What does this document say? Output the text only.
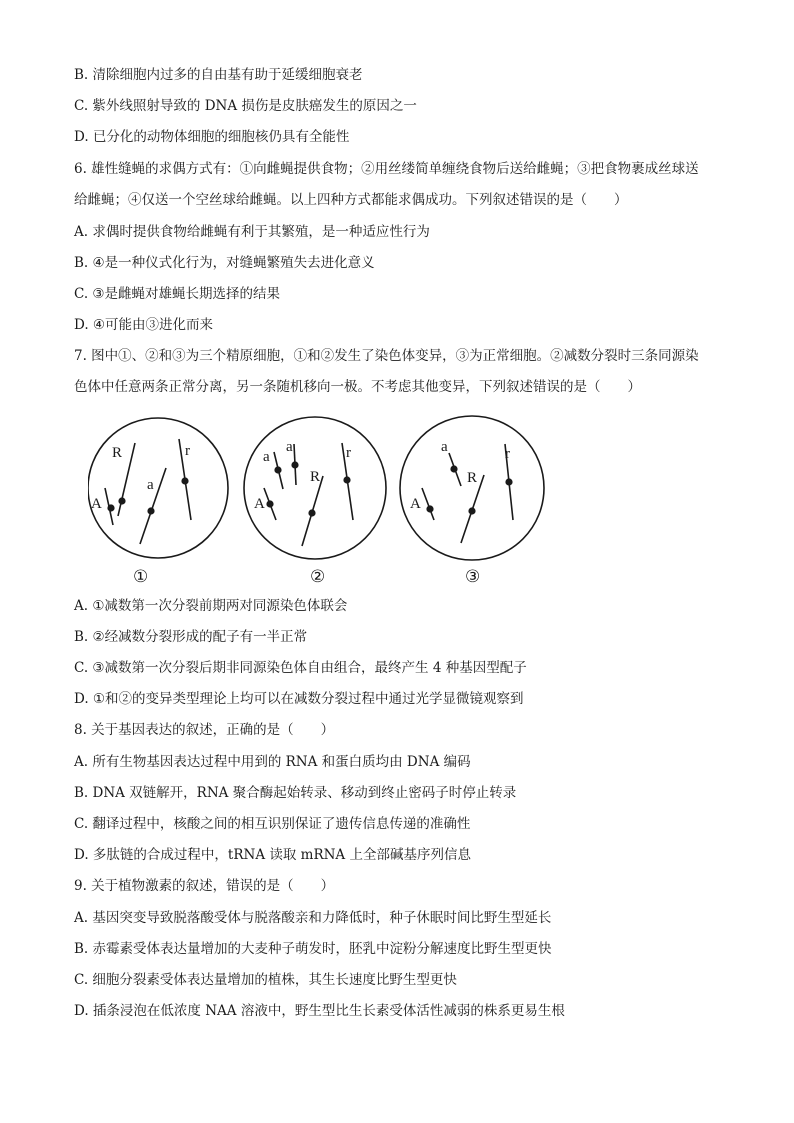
B. 清除细胞内过多的自由基有助于延缓细胞衰老
C. 紫外线照射导致的 DNA 损伤是皮肤癌发生的原因之一
D. 已分化的动物体细胞的细胞核仍具有全能性
6. 雄性缝蝇的求偶方式有：①向雌蝇提供食物；②用丝缕简单缠绕食物后送给雌蝇；③把食物裹成丝球送
给雌蝇；④仅送一个空丝球给雌蝇。以上四种方式都能求偶成功。下列叙述错误的是（　　）
A. 求偶时提供食物给雌蝇有利于其繁殖，是一种适应性行为
B. ④是一种仪式化行为，对缝蝇繁殖失去进化意义
C. ③是雌蝇对雄蝇长期选择的结果
D. ④可能由③进化而来
7. 图中①、②和③为三个精原细胞，①和②发生了染色体变异，③为正常细胞。②减数分裂时三条同源染
色体中任意两条正常分离，另一条随机移向一极。不考虑其他变异，下列叙述错误的是（　　）
R
A
a
r
①
a
a
A
R
r
②
a
A
R
r
③
A. ①减数第一次分裂前期两对同源染色体联会
B. ②经减数分裂形成的配子有一半正常
C. ③减数第一次分裂后期非同源染色体自由组合，最终产生 4 种基因型配子
D. ①和②的变异类型理论上均可以在减数分裂过程中通过光学显微镜观察到
8. 关于基因表达的叙述，正确的是（　　）
A. 所有生物基因表达过程中用到的 RNA 和蛋白质均由 DNA 编码
B. DNA 双链解开，RNA 聚合酶起始转录、移动到终止密码子时停止转录
C. 翻译过程中，核酸之间的相互识别保证了遗传信息传递的准确性
D. 多肽链的合成过程中，tRNA 读取 mRNA 上全部碱基序列信息
9. 关于植物激素的叙述，错误的是（　　）
A. 基因突变导致脱落酸受体与脱落酸亲和力降低时，种子休眠时间比野生型延长
B. 赤霉素受体表达量增加的大麦种子萌发时，胚乳中淀粉分解速度比野生型更快
C. 细胞分裂素受体表达量增加的植株，其生长速度比野生型更快
D. 插条浸泡在低浓度 NAA 溶液中，野生型比生长素受体活性减弱的株系更易生根
